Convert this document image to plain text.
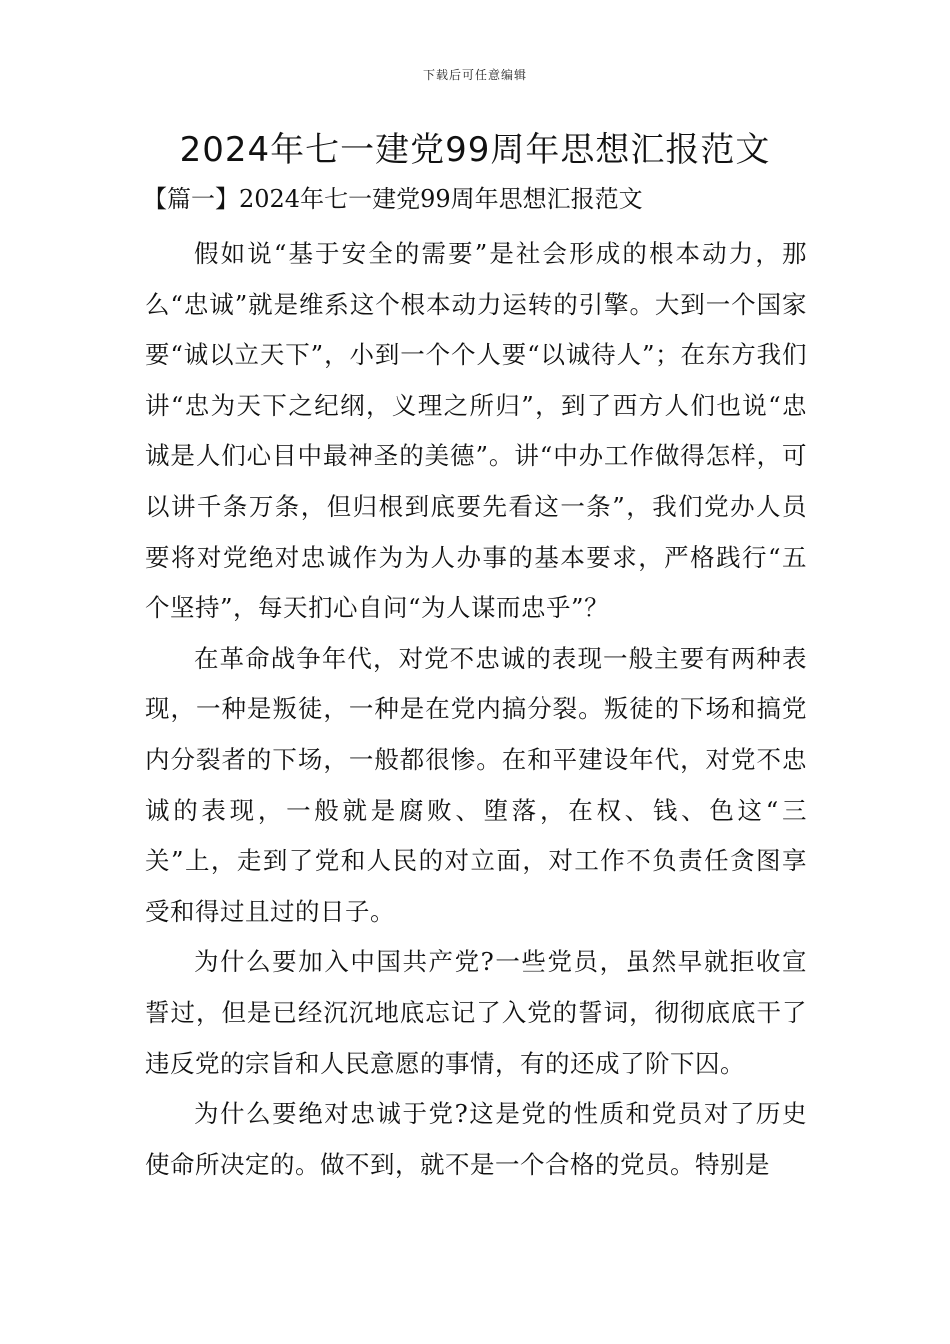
下载后可任意编辑
2024年七一建党99周年思想汇报范文
【篇一】2024年七一建党99周年思想汇报范文

假如说“基于安全的需要”是社会形成的根本动力，那么“忠诚”就是维系这个根本动力运转的引擎。大到一个国家要“诚以立天下”，小到一个个人要“以诚待人”；在东方我们讲“忠为天下之纪纲，义理之所归”，到了西方人们也说“忠诚是人们心目中最神圣的美德”。讲“中办工作做得怎样，可以讲千条万条，但归根到底要先看这一条”，我们党办人员要将对党绝对忠诚作为为人办事的基本要求，严格践行“五个坚持”，每天扪心自问“为人谋而忠乎”？

在革命战争年代，对党不忠诚的表现一般主要有两种表现，一种是叛徒，一种是在党内搞分裂。叛徒的下场和搞党内分裂者的下场，一般都很惨。在和平建设年代，对党不忠诚的表现，一般就是腐败、堕落，在权、钱、色这“三关”上，走到了党和人民的对立面，对工作不负责任贪图享受和得过且过的日子。

为什么要加入中国共产党?一些党员，虽然早就拒收宣誓过，但是已经沉沉地底忘记了入党的誓词，彻彻底底干了违反党的宗旨和人民意愿的事情，有的还成了阶下囚。

为什么要绝对忠诚于党?这是党的性质和党员对了历史使命所决定的。做不到，就不是一个合格的党员。特别是
